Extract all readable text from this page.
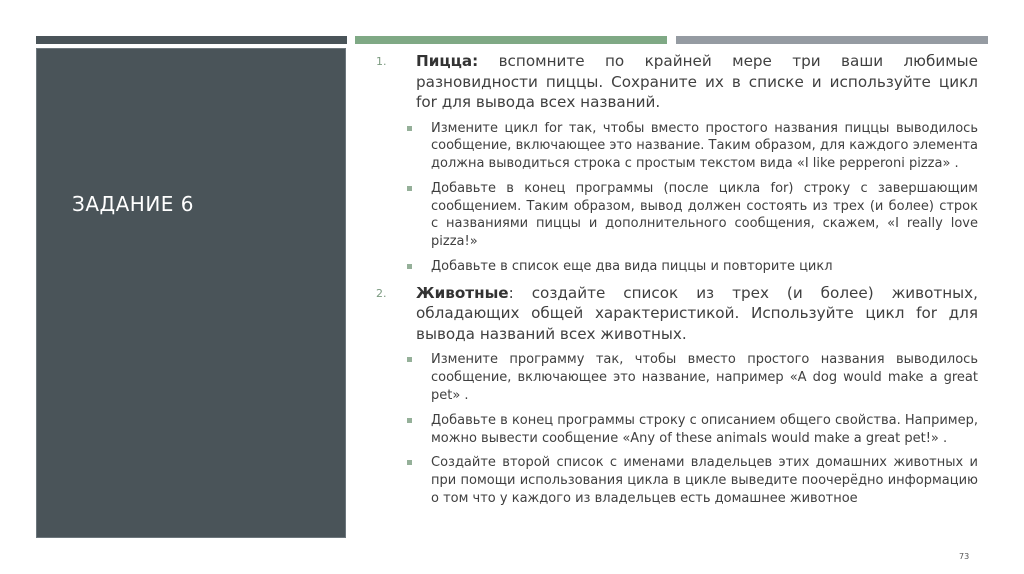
ЗАДАНИЕ 6
1. Пицца: вспомните по крайней мере три ваши любимые разновидности пиццы. Сохраните их в списке и используйте цикл for для вывода всех названий.
Измените цикл for так, чтобы вместо простого названия пиццы выводилось сообщение, включающее это название. Таким образом, для каждого элемента должна выводиться строка с простым текстом вида «I like pepperoni pizza» .
Добавьте в конец программы (после цикла for) строку с завершающим сообщением. Таким образом, вывод должен состоять из трех (и более) строк с названиями пиццы и дополнительного сообщения, скажем, «I really love pizza!»
Добавьте в список еще два вида пиццы и повторите цикл
2. Животные: создайте список из трех (и более) животных, обладающих общей характеристикой. Используйте цикл for для вывода названий всех животных.
Измените программу так, чтобы вместо простого названия выводилось сообщение, включающее это название, например «A dog would make a great pet» .
Добавьте в конец программы строку с описанием общего свойства. Например, можно вывести сообщение «Any of these animals would make a great pet!» .
Создайте второй список с именами владельцев этих домашних животных и при помощи использования цикла в цикле выведите поочерёдно информацию о том что у каждого из владельцев есть домашнее животное
73
